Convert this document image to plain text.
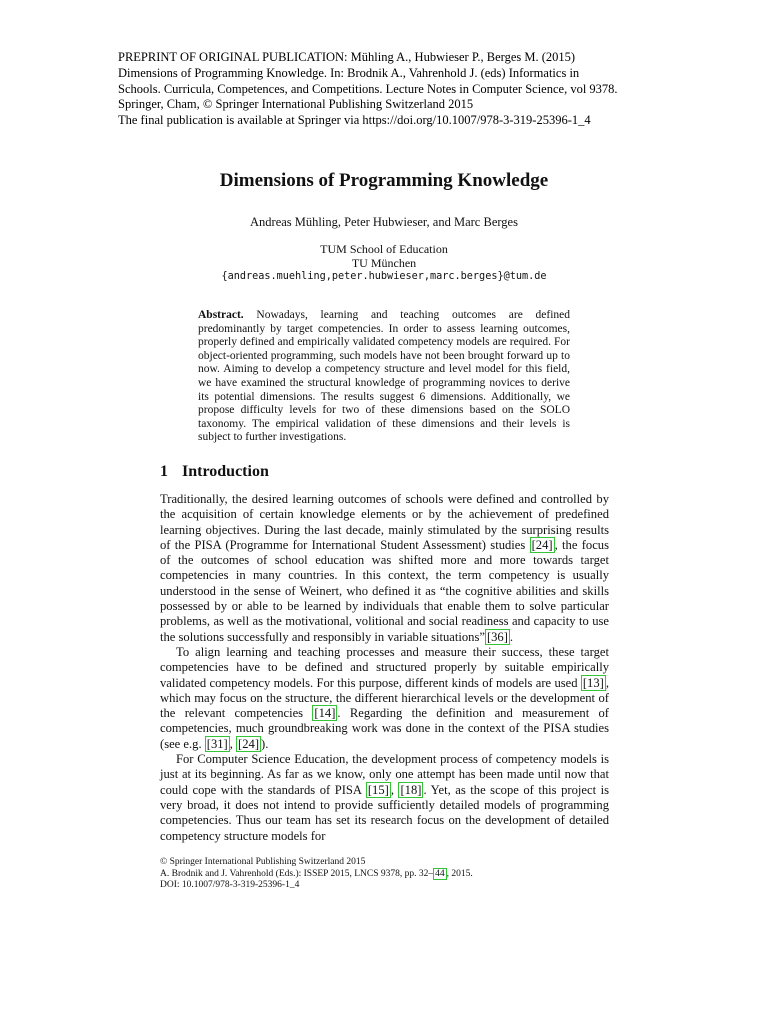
PREPRINT OF ORIGINAL PUBLICATION: Mühling A., Hubwieser P., Berges M. (2015)
Dimensions of Programming Knowledge. In: Brodnik A., Vahrenhold J. (eds) Informatics in
Schools. Curricula, Competences, and Competitions. Lecture Notes in Computer Science, vol 9378.
Springer, Cham, © Springer International Publishing Switzerland 2015
The final publication is available at Springer via https://doi.org/10.1007/978-3-319-25396-1_4
Dimensions of Programming Knowledge
Andreas Mühling, Peter Hubwieser, and Marc Berges
TUM School of Education
TU München
{andreas.muehling,peter.hubwieser,marc.berges}@tum.de
Abstract. Nowadays, learning and teaching outcomes are defined predominantly by target competencies. In order to assess learning outcomes, properly defined and empirically validated competency models are required. For object-oriented programming, such models have not been brought forward up to now. Aiming to develop a competency structure and level model for this field, we have examined the structural knowledge of programming novices to derive its potential dimensions. The results suggest 6 dimensions. Additionally, we propose difficulty levels for two of these dimensions based on the SOLO taxonomy. The empirical validation of these dimensions and their levels is subject to further investigations.
1 Introduction

Traditionally, the desired learning outcomes of schools were defined and controlled by the acquisition of certain knowledge elements or by the achievement of predefined learning objectives. During the last decade, mainly stimulated by the surprising results of the PISA (Programme for International Student Assessment) studies [24] , the focus of the outcomes of school education was shifted more and more towards target competencies in many countries. In this context, the term competency is usually understood in the sense of Weinert, who defined it as “the cognitive abilities and skills possessed by or able to be learned by individuals that enable them to solve particular problems, as well as the motivational, volitional and social readiness and capacity to use the solutions successfully and responsibly in variable situations” [36] .

To align learning and teaching processes and measure their success, these target competencies have to be defined and structured properly by suitable empirically validated competency models. For this purpose, different kinds of models are used [13] , which may focus on the structure, the different hierarchical levels or the development of the relevant competencies [14] . Regarding the definition and measurement of competencies, much groundbreaking work was done in the context of the PISA studies (see e.g. [31] , [24] ).

For Computer Science Education, the development process of competency models is just at its beginning. As far as we know, only one attempt has been made until now that could cope with the standards of PISA [15] , [18] . Yet, as the scope of this project is very broad, it does not intend to provide sufficiently detailed models of programming competencies. Thus our team has set its research focus on the development of detailed competency structure models for

© Springer International Publishing Switzerland 2015
A. Brodnik and J. Vahrenhold (Eds.): ISSEP 2015, LNCS 9378, pp. 32– 44 , 2015.
DOI: 10.1007/978-3-319-25396-1_4
